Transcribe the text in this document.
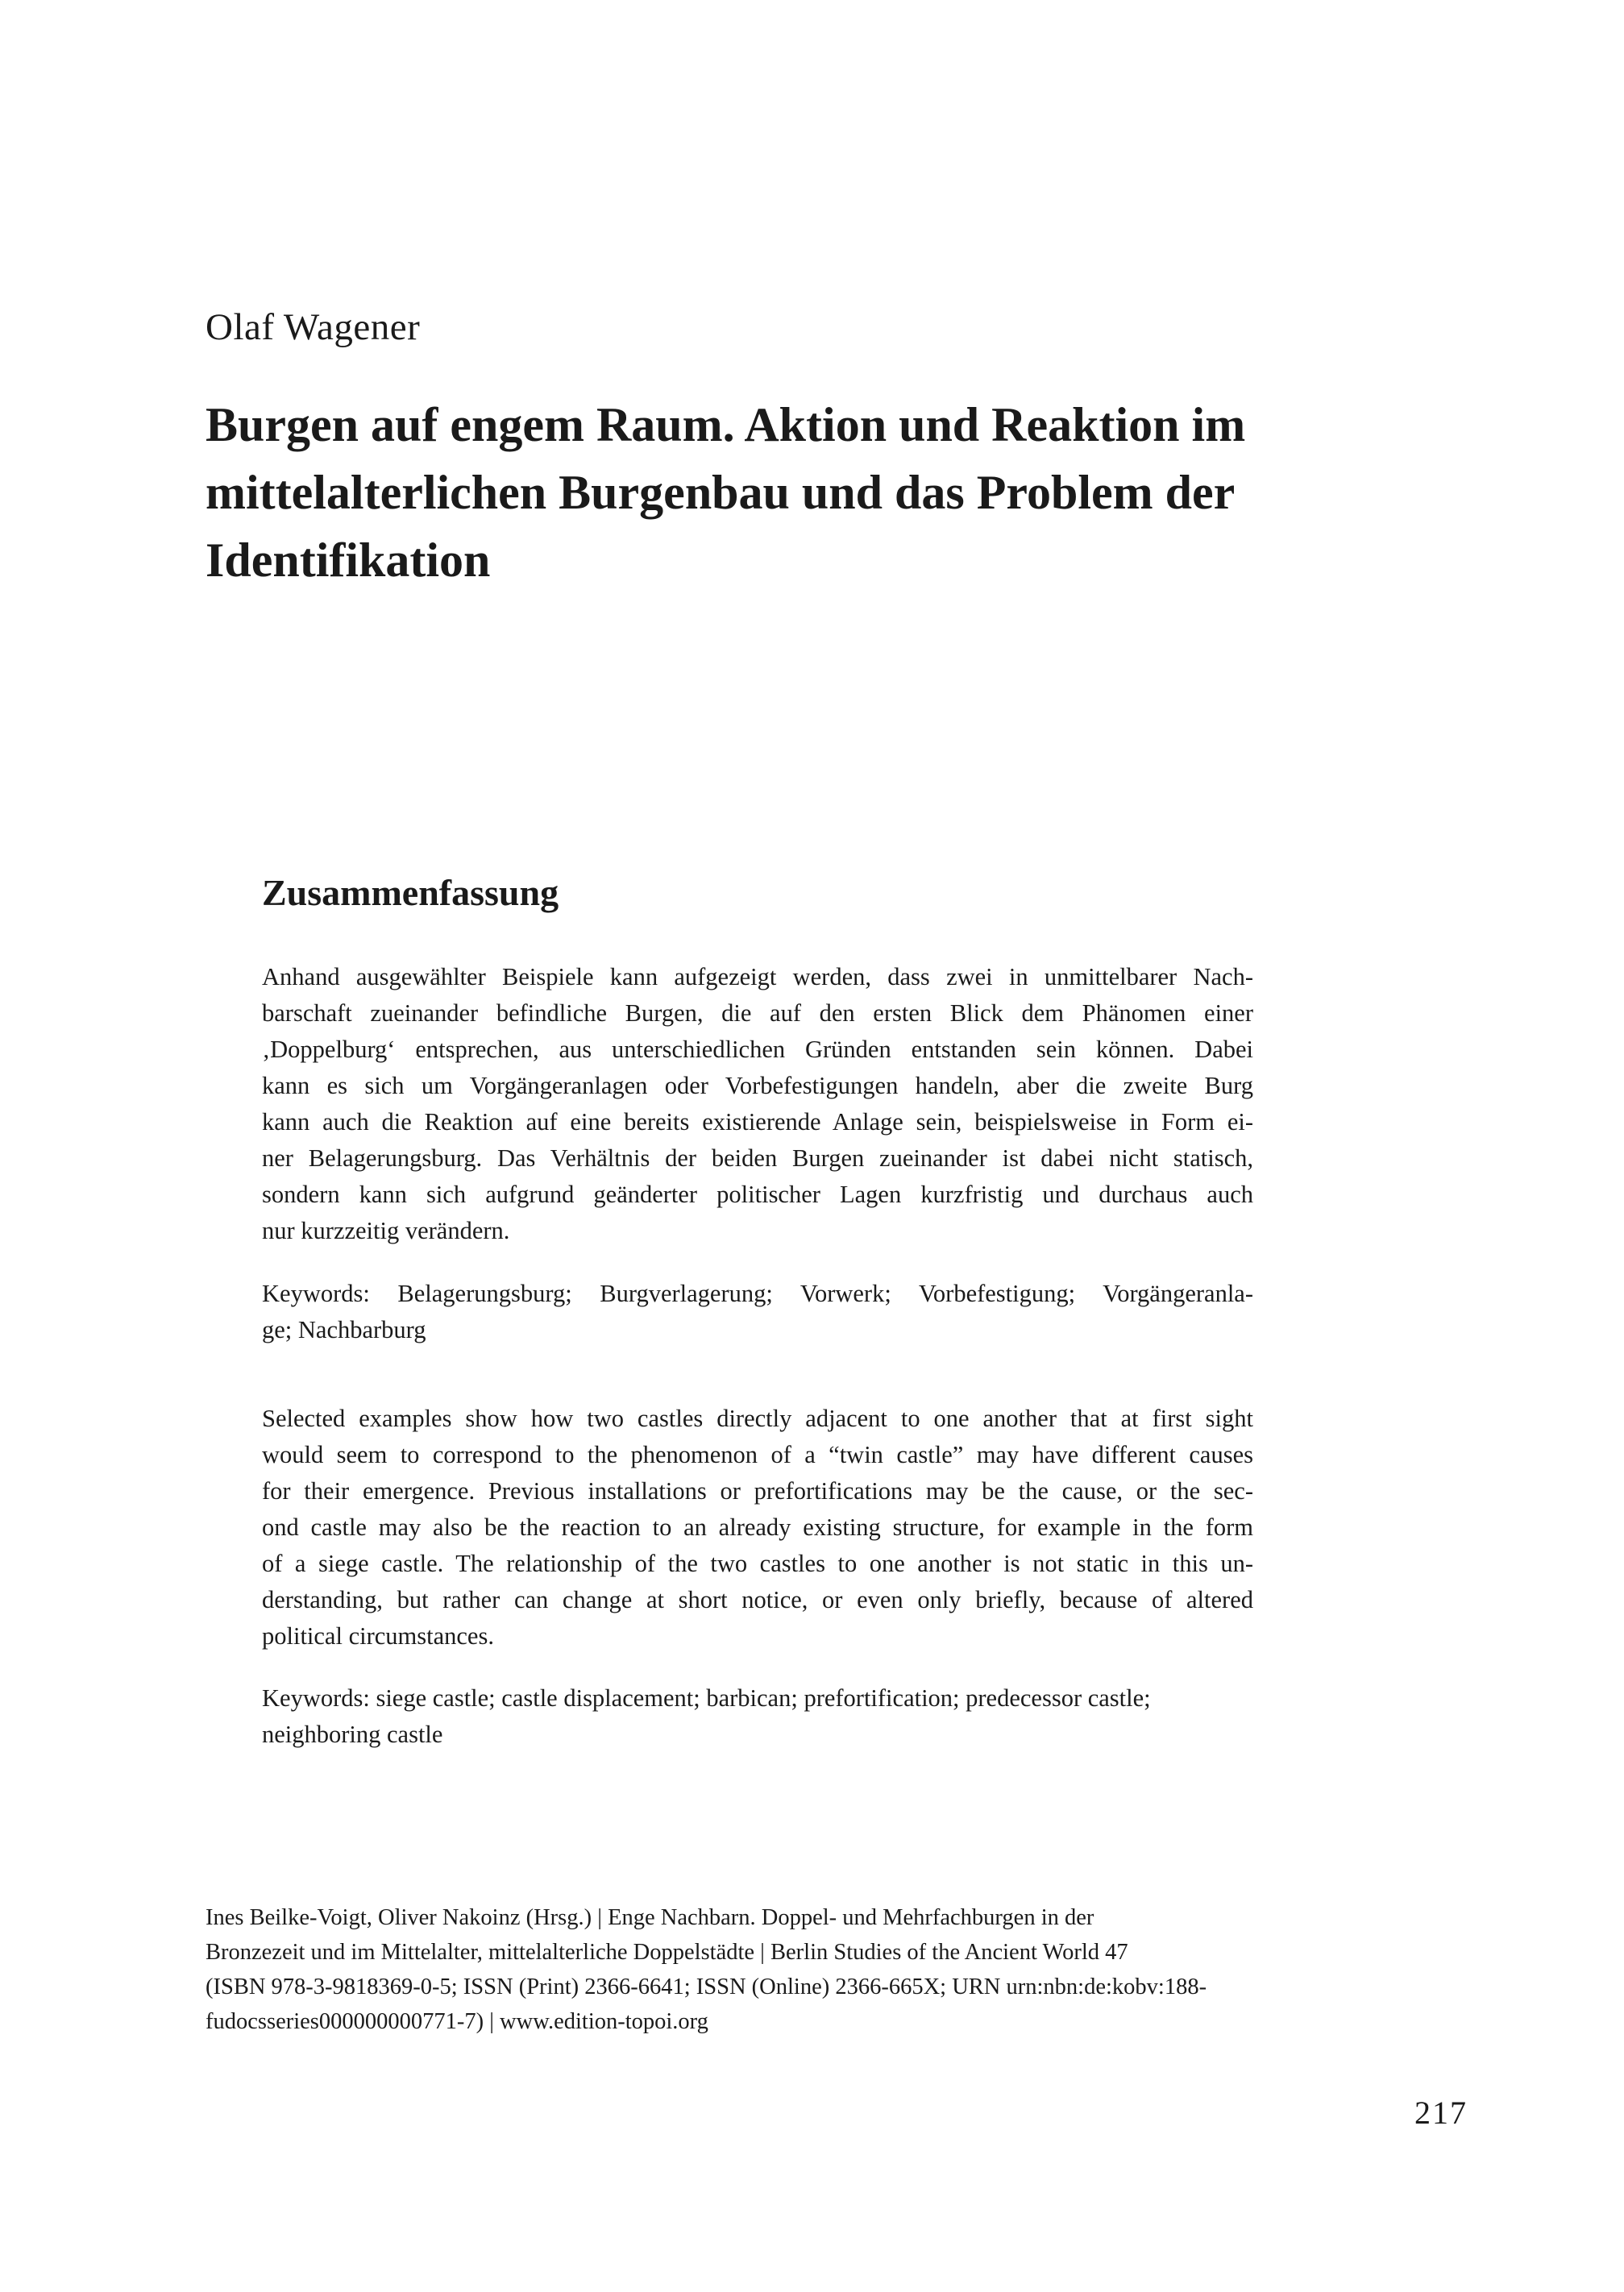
Olaf Wagener
Burgen auf engem Raum. Aktion und Reaktion im
mittelalterlichen Burgenbau und das Problem der
Identifikation
Zusammenfassung

Anhand ausgewählter Beispiele kann aufgezeigt werden, dass zwei in unmittelbarer Nach-
barschaft zueinander befindliche Burgen, die auf den ersten Blick dem Phänomen einer
‚Doppelburg‘ entsprechen, aus unterschiedlichen Gründen entstanden sein können. Dabei
kann es sich um Vorgängeranlagen oder Vorbefestigungen handeln, aber die zweite Burg
kann auch die Reaktion auf eine bereits existierende Anlage sein, beispielsweise in Form ei-
ner Belagerungsburg. Das Verhältnis der beiden Burgen zueinander ist dabei nicht statisch,
sondern kann sich aufgrund geänderter politischer Lagen kurzfristig und durchaus auch
nur kurzzeitig verändern.

Keywords: Belagerungsburg; Burgverlagerung; Vorwerk; Vorbefestigung; Vorgängeranla-
ge; Nachbarburg

Selected examples show how two castles directly adjacent to one another that at first sight
would seem to correspond to the phenomenon of a “twin castle” may have different causes
for their emergence. Previous installations or prefortifications may be the cause, or the sec-
ond castle may also be the reaction to an already existing structure, for example in the form
of a siege castle. The relationship of the two castles to one another is not static in this un-
derstanding, but rather can change at short notice, or even only briefly, because of altered
political circumstances.

Keywords: siege castle; castle displacement; barbican; prefortification; predecessor castle;
neighboring castle

Ines Beilke-Voigt, Oliver Nakoinz (Hrsg.) | Enge Nachbarn. Doppel- und Mehrfachburgen in der
Bronzezeit und im Mittelalter, mittelalterliche Doppelstädte | Berlin Studies of the Ancient World 47
(ISBN 978-3-9818369-0-5; ISSN (Print) 2366-6641; ISSN (Online) 2366-665X; URN urn:nbn:de:kobv:188-
fudocsseries000000000771-7) | www.edition-topoi.org

217
